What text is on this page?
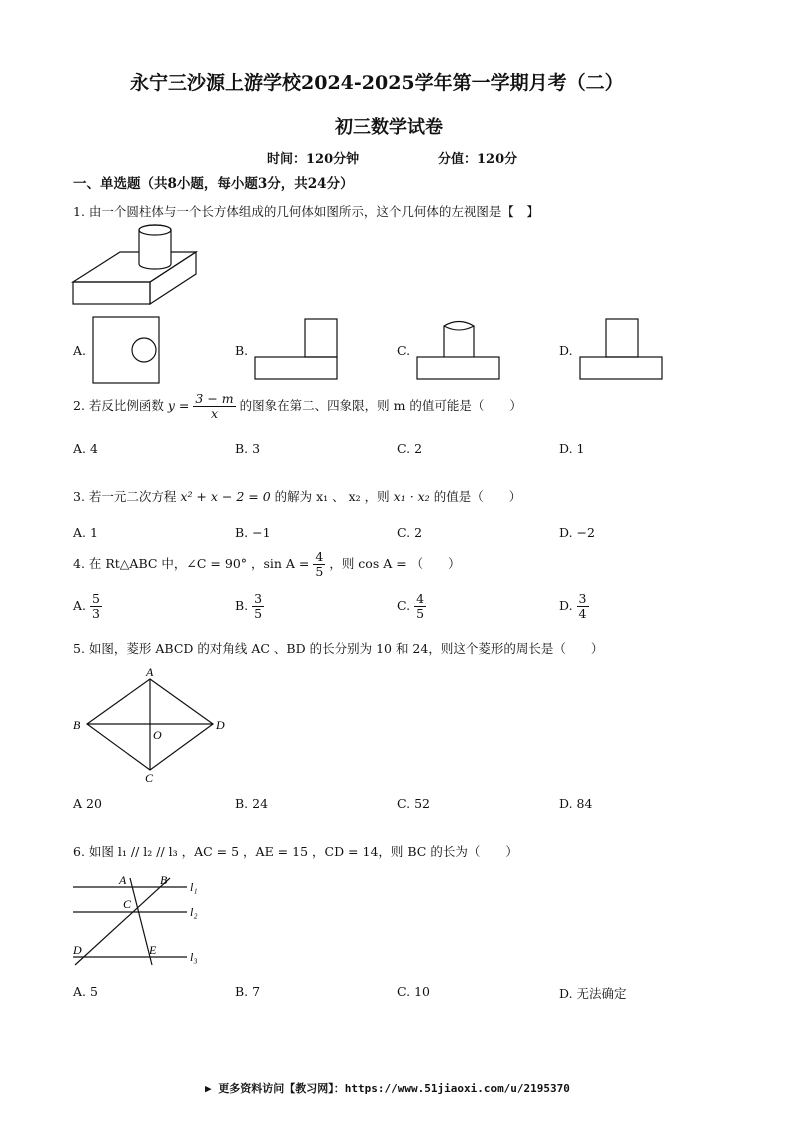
永宁三沙源上游学校2024-2025学年第一学期月考（二）
初三数学试卷
时间：120分钟	分值：120分
一、单选题（共8小题，每小题3分，共24分）
1. 由一个圆柱体与一个长方体组成的几何体如图所示，这个几何体的左视图是【　】
A.	B.	C.	D.
2. 若反比例函数 $y = \frac{3 - m}{x}$ 的图象在第二、四象限，则 m 的值可能是（　　）
A. 4	B. 3	C. 2	D. 1
3. 若一元二次方程 x² + x − 2 = 0 的解为 x₁ 、 x₂ ，则 x₁ · x₂ 的值是（　　）
A. 1	B. −1	C. 2	D. −2
4. 在 Rt△ABC 中，∠C = 90° ，$\sin A = \frac{4}{5}$ ，则 cos A = （　　）
A. $\frac{5}{3}$	B. $\frac{3}{5}$	C. $\frac{4}{5}$	D. $\frac{3}{4}$
5. 如图，菱形 ABCD 的对角线 AC 、BD 的长分别为 10 和 24，则这个菱形的周长是（　　）
A
B
C
D
O
A 20	B. 24	C. 52	D. 84
6. 如图 l₁ // l₂ // l₃ ，AC = 5 ，AE = 15 ，CD = 14，则 BC 的长为（　　）
A	B
C
D	E
l₁
l₂
l₃
A. 5	B. 7	C. 10	D. 无法确定
▶ 更多资料访问【教习网】：https://www.51jiaoxi.com/u/2195370
